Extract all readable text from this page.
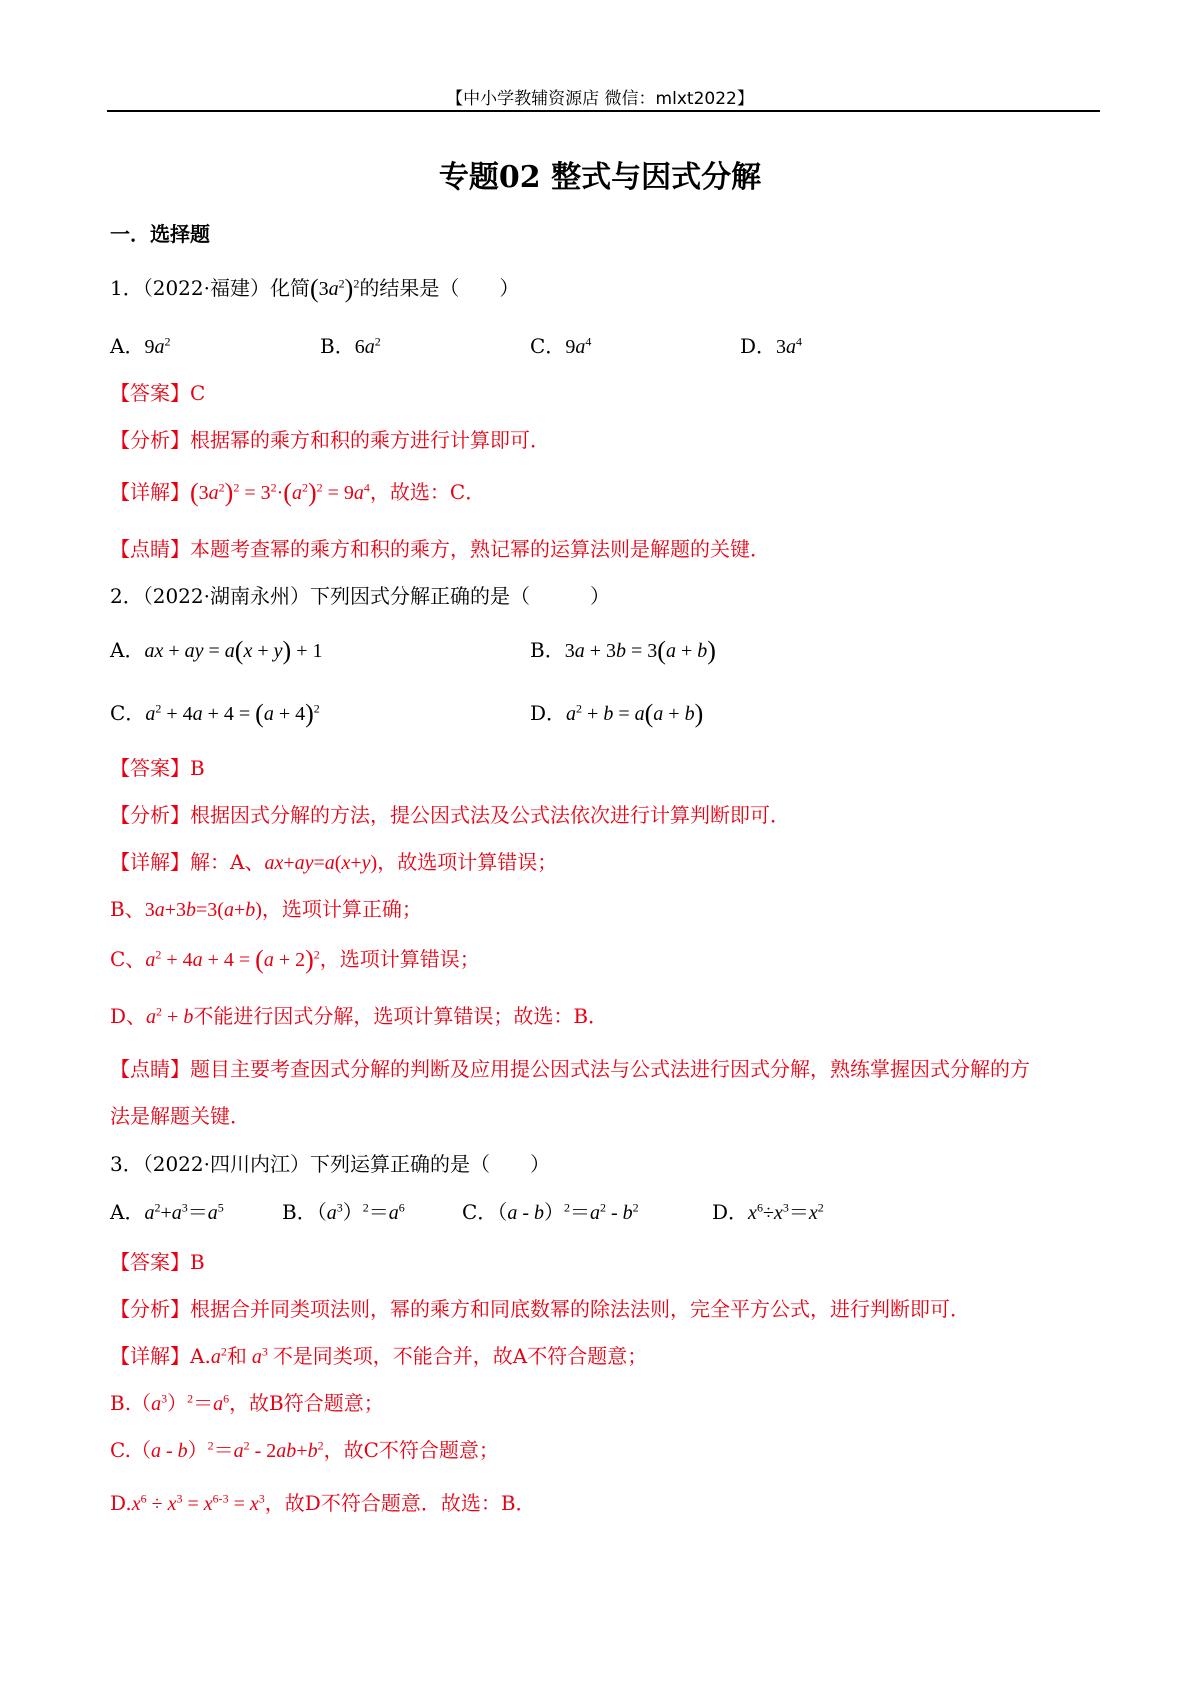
【中小学教辅资源店 微信：mlxt2022】
专题02 整式与因式分解
一．选择题
1．（2022·福建）化简$(3a^2)^2$的结果是（　　）
A．$9a^2$	B．$6a^2$	C．$9a^4$	D．$3a^4$
【答案】C
【分析】根据幂的乘方和积的乘方进行计算即可．
【详解】$(3a^2)^2 = 3^2\cdot(a^2)^2 = 9a^4$，故选：C．
【点睛】本题考查幂的乘方和积的乘方，熟记幂的运算法则是解题的关键．
2．（2022·湖南永州）下列因式分解正确的是（　　　）
A．ax + ay = a(x + y) + 1	B．3a + 3b = 3(a + b)
C．$a^2 + 4a + 4 = (a + 4)^2$	D．$a^2 + b = a(a + b)$
【答案】B
【分析】根据因式分解的方法，提公因式法及公式法依次进行计算判断即可．
【详解】解：A、ax+ay=a(x+y)，故选项计算错误；
B、3a+3b=3(a+b)，选项计算正确；
C、$a^2 + 4a + 4 = (a + 2)^2$，选项计算错误；
D、$a^2 + b$不能进行因式分解，选项计算错误；故选：B．
【点睛】题目主要考查因式分解的判断及应用提公因式法与公式法进行因式分解，熟练掌握因式分解的方
法是解题关键．
3．（2022·四川内江）下列运算正确的是（　　）
A．$a^2+a^3=a^5$	B．$(a^3)^2=a^6$	C．$(a - b)^2=a^2 - b^2$	D．$x^6\div x^3=x^2$
【答案】B
【分析】根据合并同类项法则，幂的乘方和同底数幂的除法法则，完全平方公式，进行判断即可．
【详解】$A.a^2$和 $a^3$ 不是同类项，不能合并，故A不符合题意；
$B.(a^3)^2=a^6$，故B符合题意；
$C.(a - b)^2=a^2 - 2ab+b^2$，故C不符合题意；
$D.x^6 \div x^3 = x^{6-3} = x^3$，故D不符合题意．故选：B．
